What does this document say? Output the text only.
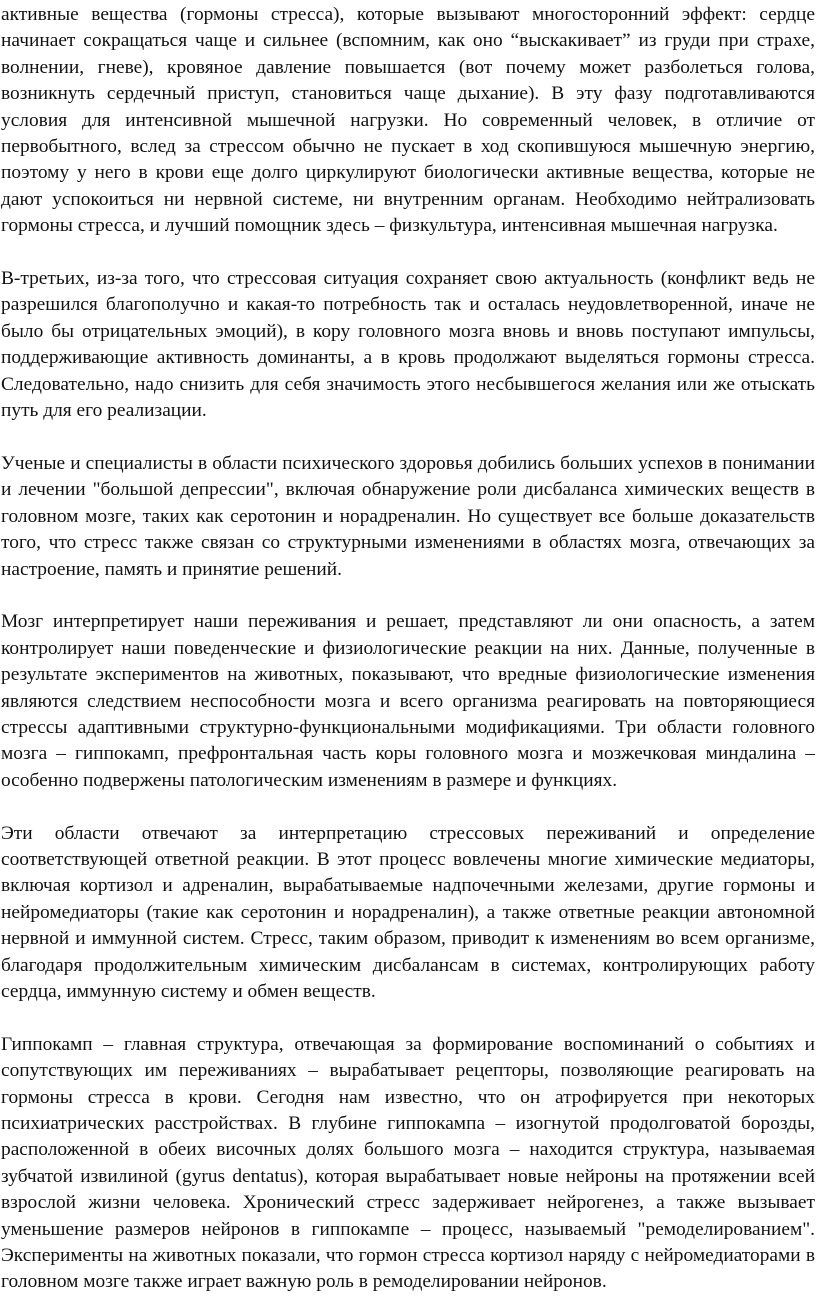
активные вещества (гормоны стресса), которые вызывают многосторонний эффект: сердце начинает сокращаться чаще и сильнее (вспомним, как оно “выскакивает” из груди при страхе, волнении, гневе), кровяное давление повышается (вот почему может разболеться голова, возникнуть сердечный приступ, становиться чаще дыхание). В эту фазу подготавливаются условия для интенсивной мышечной нагрузки. Но современный человек, в отличие от первобытного, вслед за стрессом обычно не пускает в ход скопившуюся мышечную энергию, поэтому у него в крови еще долго циркулируют биологически активные вещества, которые не дают успокоиться ни нервной системе, ни внутренним органам. Необходимо нейтрализовать гормоны стресса, и лучший помощник здесь – физкультура, интенсивная мышечная нагрузка.

В-третьих, из-за того, что стрессовая ситуация сохраняет свою актуальность (конфликт ведь не разрешился благополучно и какая-то потребность так и осталась неудовлетворенной, иначе не было бы отрицательных эмоций), в кору головного мозга вновь и вновь поступают импульсы, поддерживающие активность доминанты, а в кровь продолжают выделяться гормоны стресса. Следовательно, надо снизить для себя значимость этого несбывшегося желания или же отыскать путь для его реализации.

Ученые и специалисты в области психического здоровья добились больших успехов в понимании и лечении "большой депрессии", включая обнаружение роли дисбаланса химических веществ в головном мозге, таких как серотонин и норадреналин. Но существует все больше доказательств того, что стресс также связан со структурными изменениями в областях мозга, отвечающих за настроение, память и принятие решений.

Мозг интерпретирует наши переживания и решает, представляют ли они опасность, а затем контролирует наши поведенческие и физиологические реакции на них. Данные, полученные в результате экспериментов на животных, показывают, что вредные физиологические изменения являются следствием неспособности мозга и всего организма реагировать на повторяющиеся стрессы адаптивными структурно-функциональными модификациями. Три области головного мозга – гиппокамп, префронтальная часть коры головного мозга и мозжечковая миндалина – особенно подвержены патологическим изменениям в размере и функциях.

Эти области отвечают за интерпретацию стрессовых переживаний и определение соответствующей ответной реакции. В этот процесс вовлечены многие химические медиаторы, включая кортизол и адреналин, вырабатываемые надпочечными железами, другие гормоны и нейромедиаторы (такие как серотонин и норадреналин), а также ответные реакции автономной нервной и иммунной систем. Стресс, таким образом, приводит к изменениям во всем организме, благодаря продолжительным химическим дисбалансам в системах, контролирующих работу сердца, иммунную систему и обмен веществ.

Гиппокамп – главная структура, отвечающая за формирование воспоминаний о событиях и сопутствующих им переживаниях – вырабатывает рецепторы, позволяющие реагировать на гормоны стресса в крови. Сегодня нам известно, что он атрофируется при некоторых психиатрических расстройствах. В глубине гиппокампа – изогнутой продолговатой борозды, расположенной в обеих височных долях большого мозга – находится структура, называемая зубчатой извилиной (gyrus dentatus), которая вырабатывает новые нейроны на протяжении всей взрослой жизни человека. Хронический стресс задерживает нейрогенез, а также вызывает уменьшение размеров нейронов в гиппокампе – процесс, называемый "ремоделированием". Эксперименты на животных показали, что гормон стресса кортизол наряду с нейромедиаторами в головном мозге также играет важную роль в ремоделировании нейронов.
